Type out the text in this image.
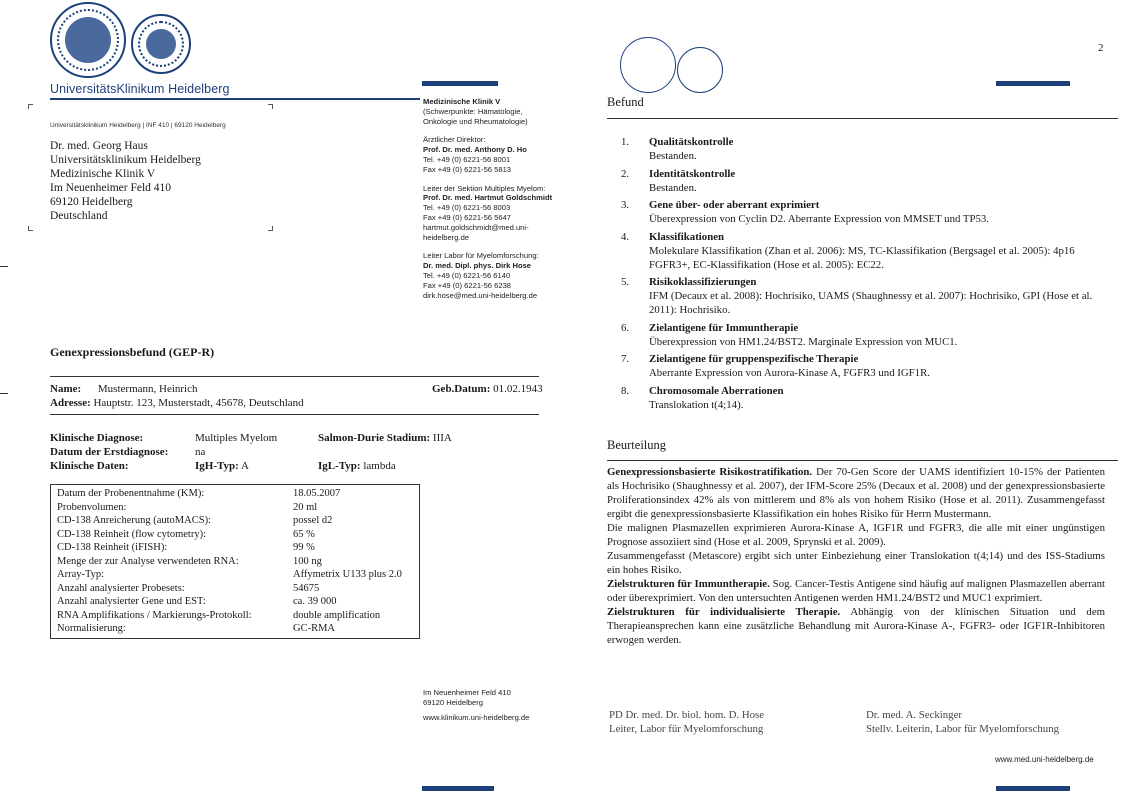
UniversitätsKlinikum Heidelberg
Universitätsklinikum Heidelberg | INF 410 | 69120 Heidelberg
Dr. med. Georg Haus
Universitätsklinikum Heidelberg
Medizinische Klinik V
Im Neuenheimer Feld 410
69120 Heidelberg
Deutschland
Medizinische Klinik V
(Schwerpunkte: Hämatologie,
Onkologie und Rheumatologie)
Ärztlicher Direktor:
Prof. Dr. med. Anthony D. Ho
Tel. +49 (0) 6221-56 8001
Fax +49 (0) 6221-56 5813
Leiter der Sektion Multiples Myelom:
Prof. Dr. med. Hartmut Goldschmidt
Tel. +49 (0) 6221-56 8003
Fax +49 (0) 6221-56 5647
hartmut.goldschmidt@med.uni-
heidelberg.de
Leiter Labor für Myelomforschung:
Dr. med. Dipl. phys. Dirk Hose
Tel. +49 (0) 6221-56 6140
Fax +49 (0) 6221-56 6238
dirk.hose@med.uni-heidelberg.de
Genexpressionsbefund (GEP-R)
Name: Mustermann, Heinrich	Geb.Datum: 01.02.1943
Adresse: Hauptstr. 123, Musterstadt, 45678, Deutschland
Klinische Diagnose:	Multiples Myelom	Salmon-Durie Stadium: IIIA
Datum der Erstdiagnose: na
Klinische Daten:	IgH-Typ: A	IgL-Typ: lambda
Datum der Probenentnahme (KM):	18.05.2007
Probenvolumen:	20 ml
CD-138 Anreicherung (autoMACS):	possel d2
CD-138 Reinheit (flow cytometry):	65 %
CD-138 Reinheit (iFISH):	99 %
Menge der zur Analyse verwendeten RNA:	100 ng
Array-Typ:	Affymetrix U133 plus 2.0
Anzahl analysierter Probesets:	54675
Anzahl analysierter Gene und EST:	ca. 39 000
RNA Amplifikations / Markierungs-Protokoll:	double amplification
Normalisierung:	GC-RMA
Im Neuenheimer Feld 410
69120 Heidelberg
www.klinikum.uni-heidelberg.de
2
Befund
1. Qualitätskontrolle
Bestanden.
2. Identitätskontrolle
Bestanden.
3. Gene über- oder aberrant exprimiert
Überexpression von Cyclin D2. Aberrante Expression von MMSET und TP53.
4. Klassifikationen
Molekulare Klassifikation (Zhan et al. 2006): MS, TC-Klassifikation (Bergsagel et al. 2005): 4p16 FGFR3+, EC-Klassifikation (Hose et al. 2005): EC22.
5. Risikoklassifizierungen
IFM (Decaux et al. 2008): Hochrisiko, UAMS (Shaughnessy et al. 2007): Hochrisiko, GPI (Hose et al. 2011): Hochrisiko.
6. Zielantigene für Immuntherapie
Überexpression von HM1.24/BST2. Marginale Expression von MUC1.
7. Zielantigene für gruppenspezifische Therapie
Aberrante Expression von Aurora-Kinase A, FGFR3 und IGF1R.
8. Chromosomale Aberrationen
Translokation t(4;14).
Beurteilung
Genexpressionsbasierte Risikostratifikation. Der 70-Gen Score der UAMS identifiziert 10-15% der Patienten als Hochrisiko (Shaughnessy et al. 2007), der IFM-Score 25% (Decaux et al. 2008) und der genexpressionsbasierte Proliferationsindex 42% als von mittlerem und 8% als von hohem Risiko (Hose et al. 2011). Zusammengefasst ergibt die genexpressionsbasierte Klassifikation ein hohes Risiko für Herrn Mustermann.
Die malignen Plasmazellen exprimieren Aurora-Kinase A, IGF1R und FGFR3, die alle mit einer ungünstigen Prognose assoziiert sind (Hose et al. 2009, Sprynski et al. 2009).
Zusammengefasst (Metascore) ergibt sich unter Einbeziehung einer Translokation t(4;14) und des ISS-Stadiums ein hohes Risiko.
Zielstrukturen für Immuntherapie. Sog. Cancer-Testis Antigene sind häufig auf malignen Plasmazellen aberrant oder überexprimiert. Von den untersuchten Antigenen werden HM1.24/BST2 und MUC1 exprimiert.
Zielstrukturen für individualisierte Therapie. Abhängig von der klinischen Situation und dem Therapieansprechen kann eine zusätzliche Behandlung mit Aurora-Kinase A-, FGFR3- oder IGF1R-Inhibitoren erwogen werden.
PD Dr. med. Dr. biol. hom. D. Hose
Leiter, Labor für Myelomforschung
Dr. med. A. Seckinger
Stellv. Leiterin, Labor für Myelomforschung
www.med.uni-heidelberg.de
